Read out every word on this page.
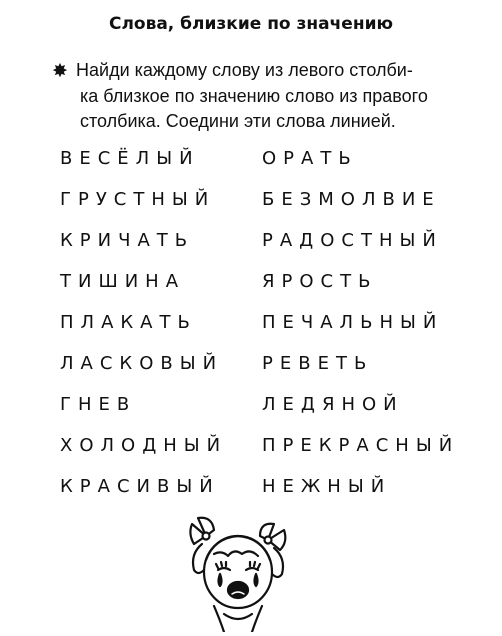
Слова, близкие по значению
✸ Найди каждому слову из левого столби-
ка близкое по значению слово из правого
столбика. Соедини эти слова линией.
ВЕСЁЛЫЙ
ГРУСТНЫЙ
КРИЧАТЬ
ТИШИНА
ПЛАКАТЬ
ЛАСКОВЫЙ
ГНЕВ
ХОЛОДНЫЙ
КРАСИВЫЙ
ОРАТЬ
БЕЗМОЛВИЕ
РАДОСТНЫЙ
ЯРОСТЬ
ПЕЧАЛЬНЫЙ
РЕВЕТЬ
ЛЕДЯНОЙ
ПРЕКРАСНЫЙ
НЕЖНЫЙ
